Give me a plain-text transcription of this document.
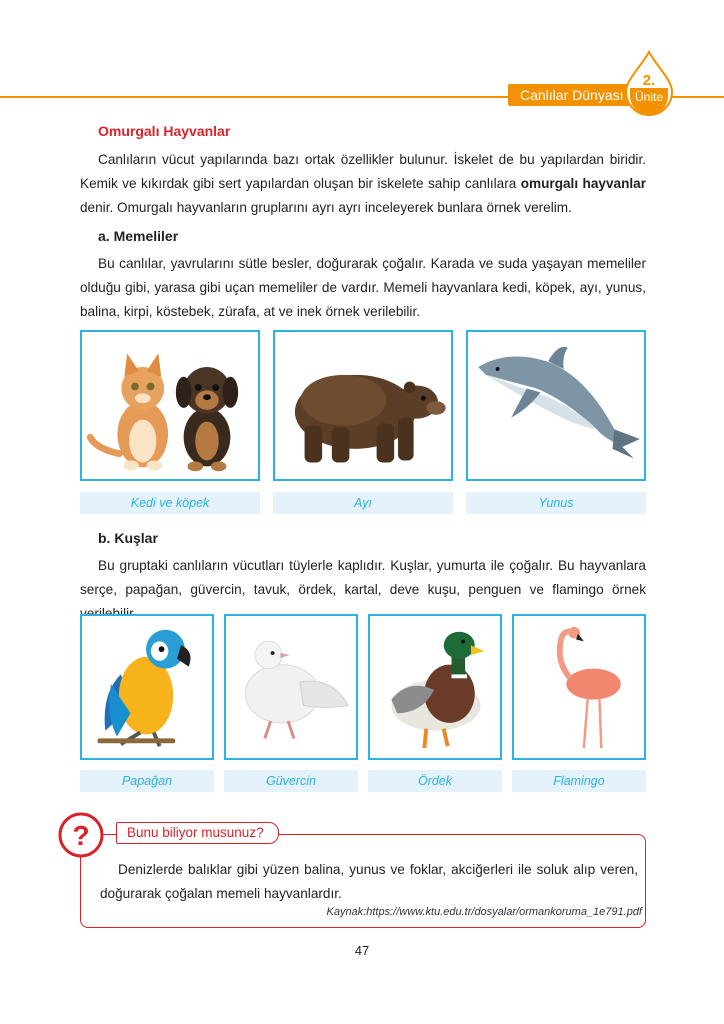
Canlılar Dünyası
2.
Ünite
Omurgalı Hayvanlar

Canlıların vücut yapılarında bazı ortak özellikler bulunur. İskelet de bu yapılardan biridir. Kemik ve kıkırdak gibi sert yapılardan oluşan bir iskelete sahip canlılara omurgalı hayvanlar denir. Omurgalı hayvanların gruplarını ayrı ayrı inceleyerek bunlara örnek verelim.

a. Memeliler

Bu canlılar, yavrularını sütle besler, doğurarak çoğalır. Karada ve suda yaşayan memeliler olduğu gibi, yarasa gibi uçan memeliler de vardır. Memeli hayvanlara kedi, köpek, ayı, yunus, balina, kirpi, köstebek, zürafa, at ve inek örnek verilebilir.

Kedi ve köpek	Ayı	Yunus
b. Kuşlar

Bu gruptaki canlıların vücutları tüylerle kaplıdır. Kuşlar, yumurta ile çoğalır. Bu hayvanlara serçe, papağan, güvercin, tavuk, ördek, kartal, deve kuşu, penguen ve flamingo örnek

Papağan	Güvercin	Ördek	Flamingo
?	Bunu biliyor musunuz?

Denizlerde balıklar gibi yüzen balina, yunus ve foklar, akciğerleri ile soluk alıp veren, doğurarak çoğalan memeli hayvanlardır.

Kaynak:https://www.ktu.edu.tr/dosyalar/ormankoruma_1e791.pdf
47
